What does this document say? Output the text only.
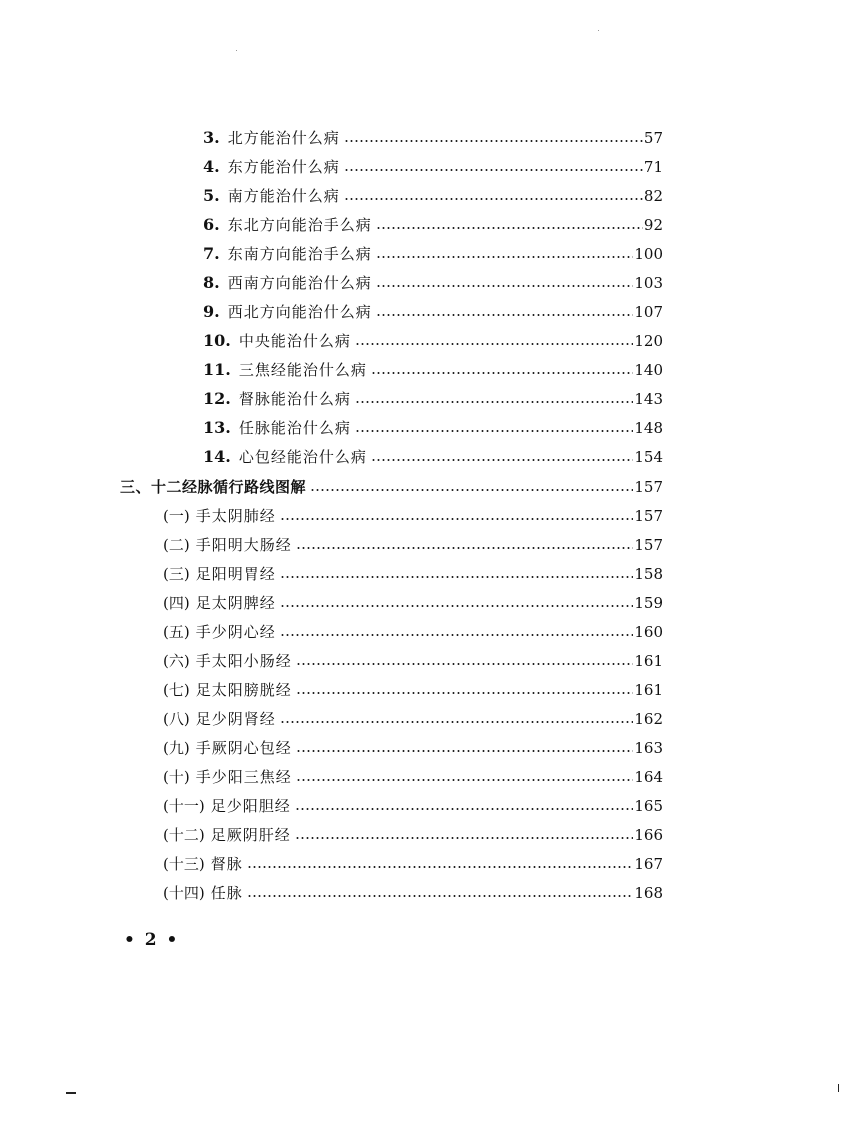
3. 北方能治什么病	57
4. 东方能治什么病	71
5. 南方能治什么病	82
6. 东北方向能治手么病	92
7. 东南方向能治手么病	100
8. 西南方向能治什么病	103
9. 西北方向能治什么病	107
10. 中央能治什么病	120
11. 三焦经能治什么病	140
12. 督脉能治什么病	143
13. 任脉能治什么病	148
14. 心包经能治什么病	154
三、十二经脉循行路线图解	157
(一) 手太阴肺经	157
(二) 手阳明大肠经	157
(三) 足阳明胃经	158
(四) 足太阴脾经	159
(五) 手少阴心经	160
(六) 手太阳小肠经	161
(七) 足太阳膀胱经	161
(八) 足少阴肾经	162
(九) 手厥阴心包经	163
(十) 手少阳三焦经	164
(十一) 足少阳胆经	165
(十二) 足厥阴肝经	166
(十三) 督脉	167
(十四) 任脉	168
• 2 •
